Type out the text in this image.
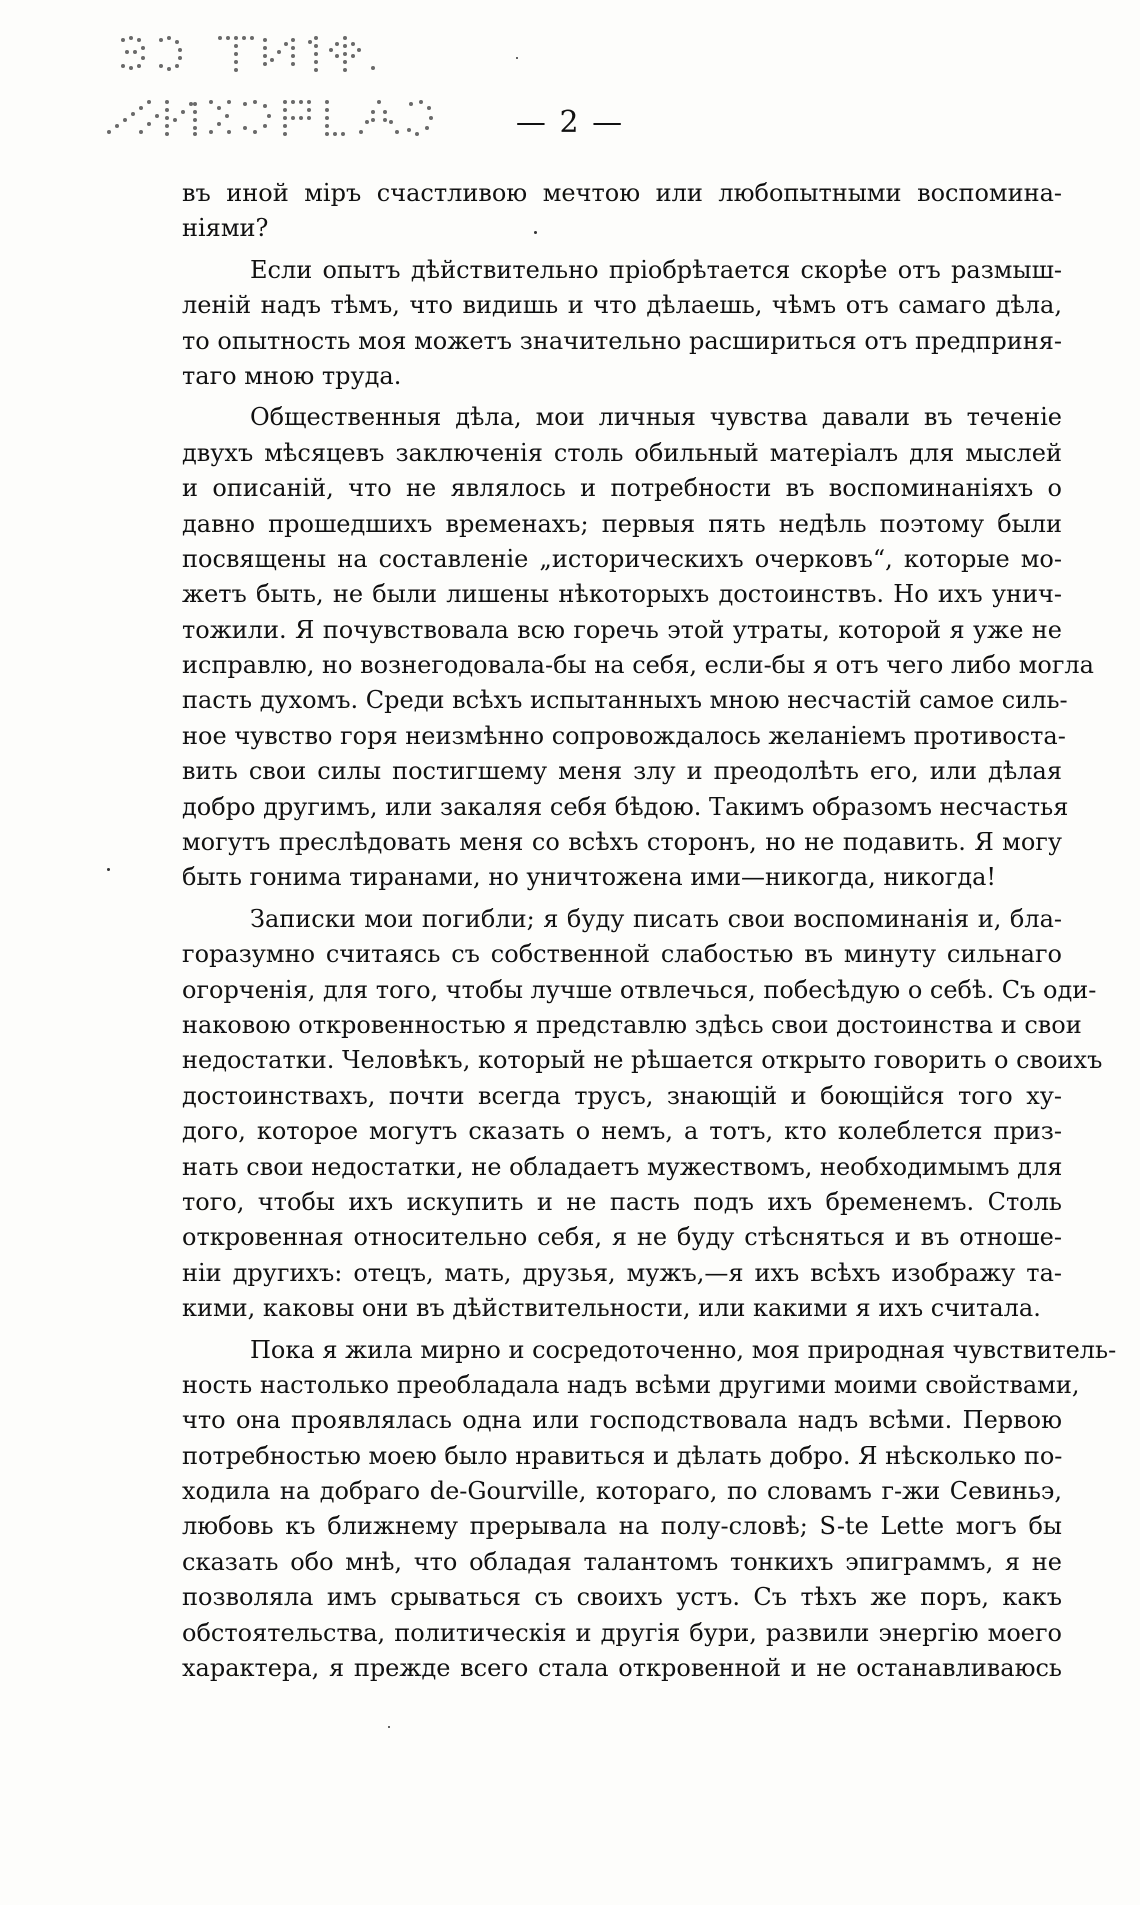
— 2 —
въ иной міръ счастливою мечтою или любопытными воспомина-
ніями?
Если опытъ дѣйствительно пріобрѣтается скорѣе отъ размыш-
леній надъ тѣмъ, что видишь и что дѣлаешь, чѣмъ отъ самаго дѣла,
то опытность моя можетъ значительно расшириться отъ предприня-
таго мною труда.
Общественныя дѣла, мои личныя чувства давали въ теченіе
двухъ мѣсяцевъ заключенія столь обильный матеріалъ для мыслей
и описаній, что не являлось и потребности въ воспоминаніяхъ о
давно прошедшихъ временахъ; первыя пять недѣль поэтому были
посвящены на составленіе „историческихъ очерковъ“, которые мо-
жетъ быть, не были лишены нѣкоторыхъ достоинствъ. Но ихъ унич-
тожили. Я почувствовала всю горечь этой утраты, которой я уже не
исправлю, но вознегодовала-бы на себя, если-бы я отъ чего либо могла
пасть духомъ. Среди всѣхъ испытанныхъ мною несчастій самое силь-
ное чувство горя неизмѣнно сопровождалось желаніемъ противоста-
вить свои силы постигшему меня злу и преодолѣть его, или дѣлая
добро другимъ, или закаляя себя бѣдою. Такимъ образомъ несчастья
могутъ преслѣдовать меня со всѣхъ сторонъ, но не подавить. Я могу
быть гонима тиранами, но уничтожена ими—никогда, никогда!
Записки мои погибли; я буду писать свои воспоминанія и, бла-
горазумно считаясь съ собственной слабостью въ минуту сильнаго
огорченія, для того, чтобы лучше отвлечься, побесѣдую о себѣ. Съ оди-
наковою откровенностью я представлю здѣсь свои достоинства и свои
недостатки. Человѣкъ, который не рѣшается открыто говорить о своихъ
достоинствахъ, почти всегда трусъ, знающій и боющійся того ху-
дого, которое могутъ сказать о немъ, а тотъ, кто колеблется приз-
нать свои недостатки, не обладаетъ мужествомъ, необходимымъ для
того, чтобы ихъ искупить и не пасть подъ ихъ бременемъ. Столь
откровенная относительно себя, я не буду стѣсняться и въ отноше-
ніи другихъ: отецъ, мать, друзья, мужъ,—я ихъ всѣхъ изображу та-
кими, каковы они въ дѣйствительности, или какими я ихъ считала.
Пока я жила мирно и сосредоточенно, моя природная чувствитель-
ность настолько преобладала надъ всѣми другими моими свойствами,
что она проявлялась одна или господствовала надъ всѣми. Первою
потребностью моею было нравиться и дѣлать добро. Я нѣсколько по-
ходила на добраго de-Gourville, котораго, по словамъ г-жи Севиньэ,
любовь къ ближнему прерывала на полу-словѣ; S-te Lette могъ бы
сказать обо мнѣ, что обладая талантомъ тонкихъ эпиграммъ, я не
позволяла имъ срываться съ своихъ устъ. Съ тѣхъ же поръ, какъ
обстоятельства, политическія и другія бури, развили энергію моего
характера, я прежде всего стала откровенной и не останавливаюсь
